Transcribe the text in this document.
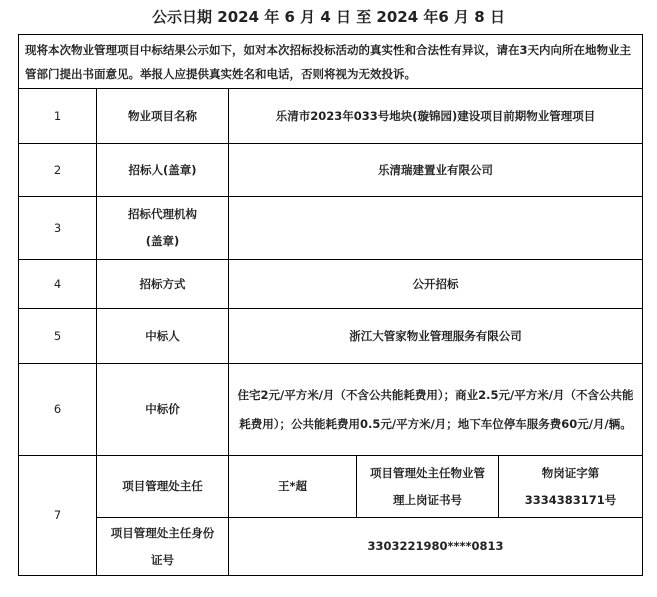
公示日期 2024 年 6 月 4 日 至 2024 年6 月 8 日
现将本次物业管理项目中标结果公示如下，如对本次招标投标活动的真实性和合法性有异议，请在3天内向所在地物业主管部门提出书面意见。举报人应提供真实姓名和电话，否则将视为无效投诉。				
1	物业项目名称	乐清市2023年033号地块(璇锦园)建设项目前期物业管理项目		
2	招标人(盖章)	乐清瑞建置业有限公司		
3	招标代理机构(盖章)			
4	招标方式	公开招标		
5	中标人	浙江大管家物业管理服务有限公司		
6	中标价	住宅2元/平方米/月（不含公共能耗费用）；商业2.5元/平方米/月（不含公共能耗费用）；公共能耗费用0.5元/平方米/月；地下车位停车服务费60元/月/辆。		
7	项目管理处主任	王*超	项目管理处主任物业管理上岗证书号	物岗证字第3334383171号
	项目管理处主任身份证号	3303221980****0813		
